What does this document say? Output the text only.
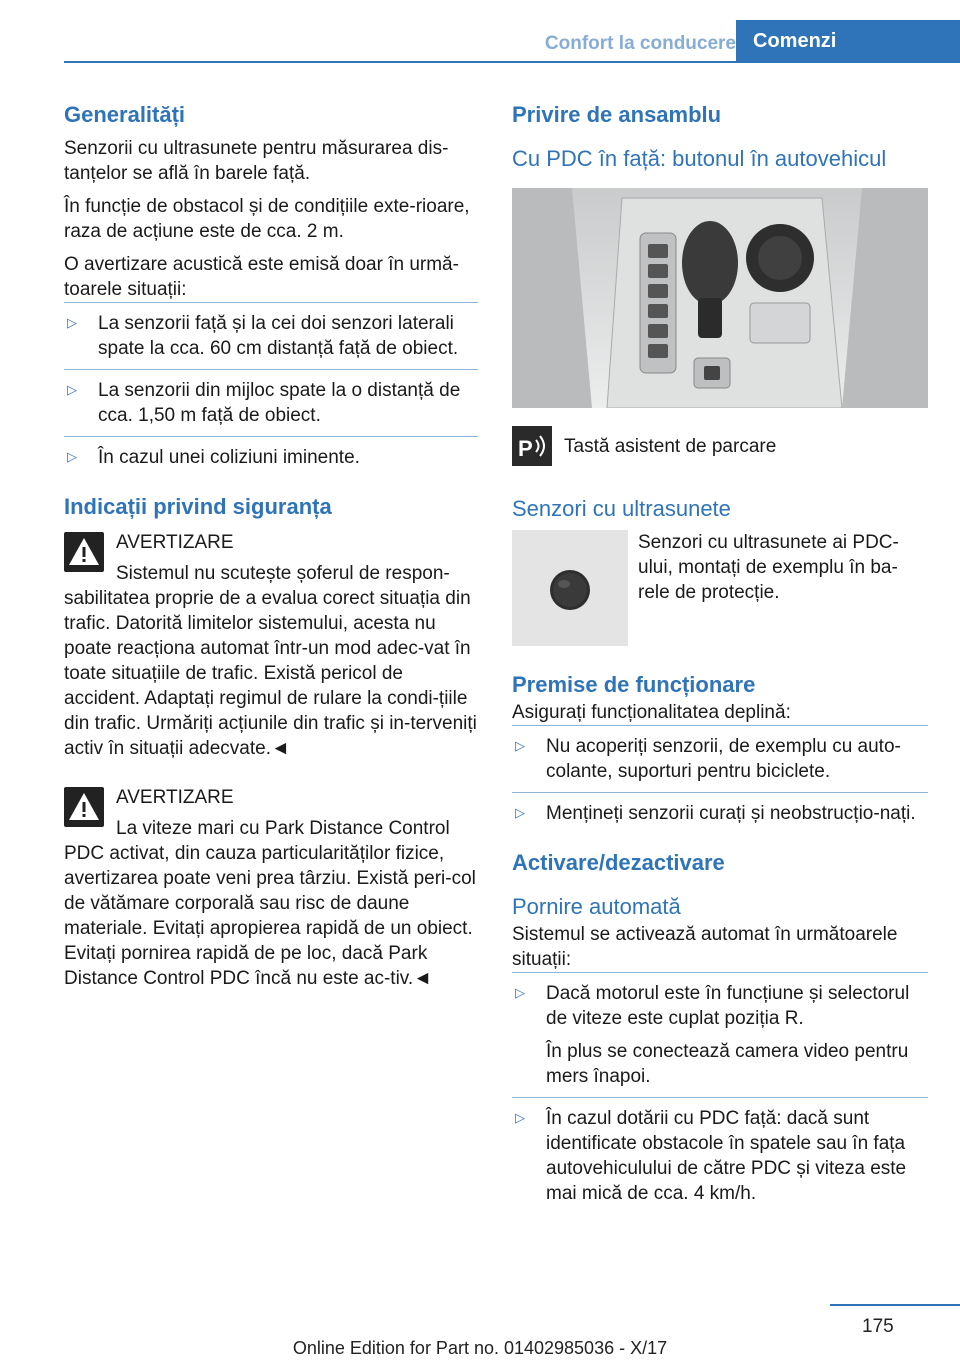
Confort la conducere Comenzi
Generalități

Senzorii cu ultrasunete pentru măsurarea dis‐tanțelor se află în barele față.

În funcție de obstacol și de condițiile exte‐rioare, raza de acțiune este de cca. 2 m.

O avertizare acustică este emisă doar în urmă‐toarele situații:

▷ La senzorii față și la cei doi senzori laterali spate la cca. 60 cm distanță față de obiect.
▷ La senzorii din mijloc spate la o distanță de cca. 1,50 m față de obiect.
▷ În cazul unei coliziuni iminente.
Indicații privind siguranța
AVERTIZARE

Sistemul nu scutește șoferul de respon‐sabilitatea proprie de a evalua corect situația din trafic. Datorită limitelor sistemului, acesta nu poate reacționa automat într-un mod adec‐vat în toate situațiile de trafic. Există pericol de accident. Adaptați regimul de rulare la condi‐țiile din trafic. Urmăriți acțiunile din trafic și in‐terveniți activ în situații adecvate.◄

AVERTIZARE

La viteze mari cu Park Distance Control PDC activat, din cauza particularităților fizice, avertizarea poate veni prea târziu. Există peri‐col de vătămare corporală sau risc de daune materiale. Evitați apropierea rapidă de un obiect. Evitați pornirea rapidă de pe loc, dacă Park Distance Control PDC încă nu este ac‐tiv.◄

Privire de ansamblu
Cu PDC în față: butonul în autovehicul
P Tastă asistent de parcare
Senzori cu ultrasunete

Senzori cu ultrasunete ai PDC-ului, montați de exemplu în ba‐rele de protecție.

Premise de funcționare

Asigurați funcționalitatea deplină:

▷ Nu acoperiți senzorii, de exemplu cu auto‐colante, suporturi pentru biciclete.
▷ Mențineți senzorii curați și neobstrucțio‐nați.
Activare/dezactivare
Pornire automată

Sistemul se activează automat în următoarele situații:

▷ Dacă motorul este în funcțiune și selectorul de viteze este cuplat poziția R.
În plus se conectează camera video pentru mers înapoi.
▷ În cazul dotării cu PDC față: dacă sunt identificate obstacole în spatele sau în fața autovehiculului de către PDC și viteza este mai mică de cca. 4 km/h.
175
Online Edition for Part no. 01402985036 - X/17
